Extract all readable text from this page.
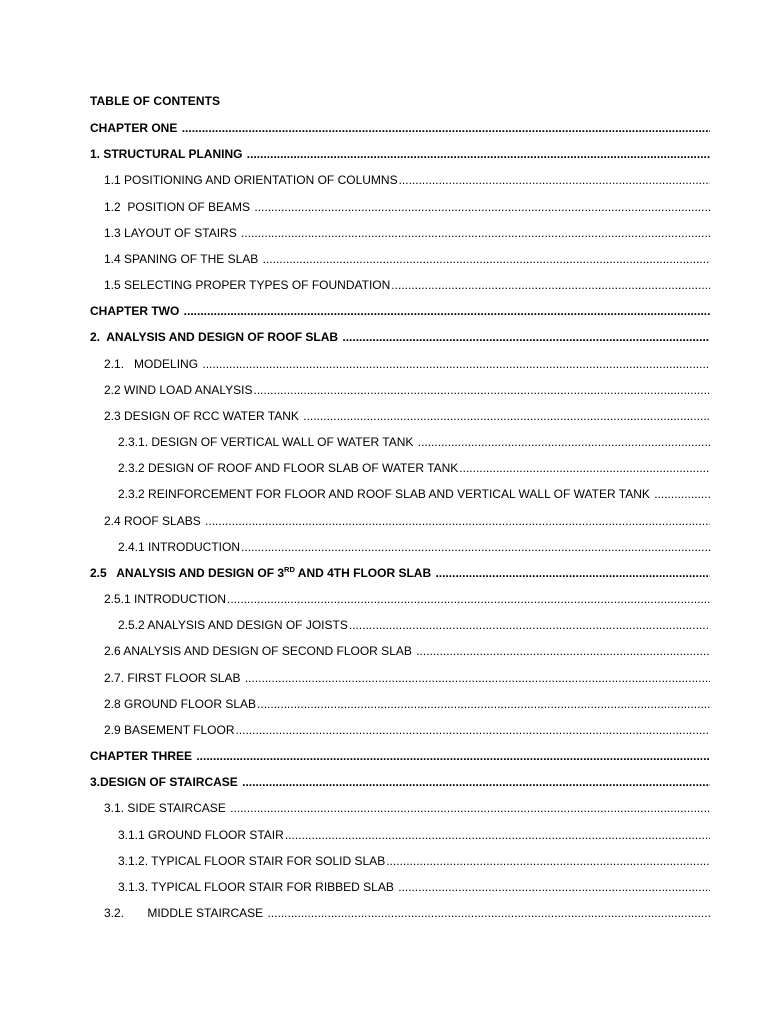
TABLE OF CONTENTS
CHAPTER ONE
.....
1. STRUCTURAL PLANING
.....
1.1 POSITIONING AND ORIENTATION OF COLUMNS
.....
1.2  POSITION OF BEAMS
.....
1.3 LAYOUT OF STAIRS
.....
1.4 SPANING OF THE SLAB
.....
1.5 SELECTING PROPER TYPES OF FOUNDATION
.....
CHAPTER TWO
.....
2.  ANALYSIS AND DESIGN OF ROOF SLAB
.....
2.1.   MODELING
.....
2.2 WIND LOAD ANALYSIS
.....
2.3 DESIGN OF RCC WATER TANK
.....
2.3.1. DESIGN OF VERTICAL WALL OF WATER TANK
.....
2.3.2 DESIGN OF ROOF AND FLOOR SLAB OF WATER TANK
.....
2.3.2 REINFORCEMENT FOR FLOOR AND ROOF SLAB AND VERTICAL WALL OF WATER TANK
.....
2.4 ROOF SLABS
.....
2.4.1 INTRODUCTION
.....
2.5   ANALYSIS AND DESIGN OF 3RD AND 4TH FLOOR SLAB
.....
2.5.1 INTRODUCTION
.....
2.5.2 ANALYSIS AND DESIGN OF JOISTS
.....
2.6 ANALYSIS AND DESIGN OF SECOND FLOOR SLAB
.....
2.7. FIRST FLOOR SLAB
.....
2.8 GROUND FLOOR SLAB
.....
2.9 BASEMENT FLOOR
.....
CHAPTER THREE
.....
3.DESIGN OF STAIRCASE
.....
3.1. SIDE STAIRCASE
.....
3.1.1 GROUND FLOOR STAIR
.....
3.1.2. TYPICAL FLOOR STAIR FOR SOLID SLAB
.....
3.1.3. TYPICAL FLOOR STAIR FOR RIBBED SLAB
.....
3.2.       MIDDLE STAIRCASE
.....
